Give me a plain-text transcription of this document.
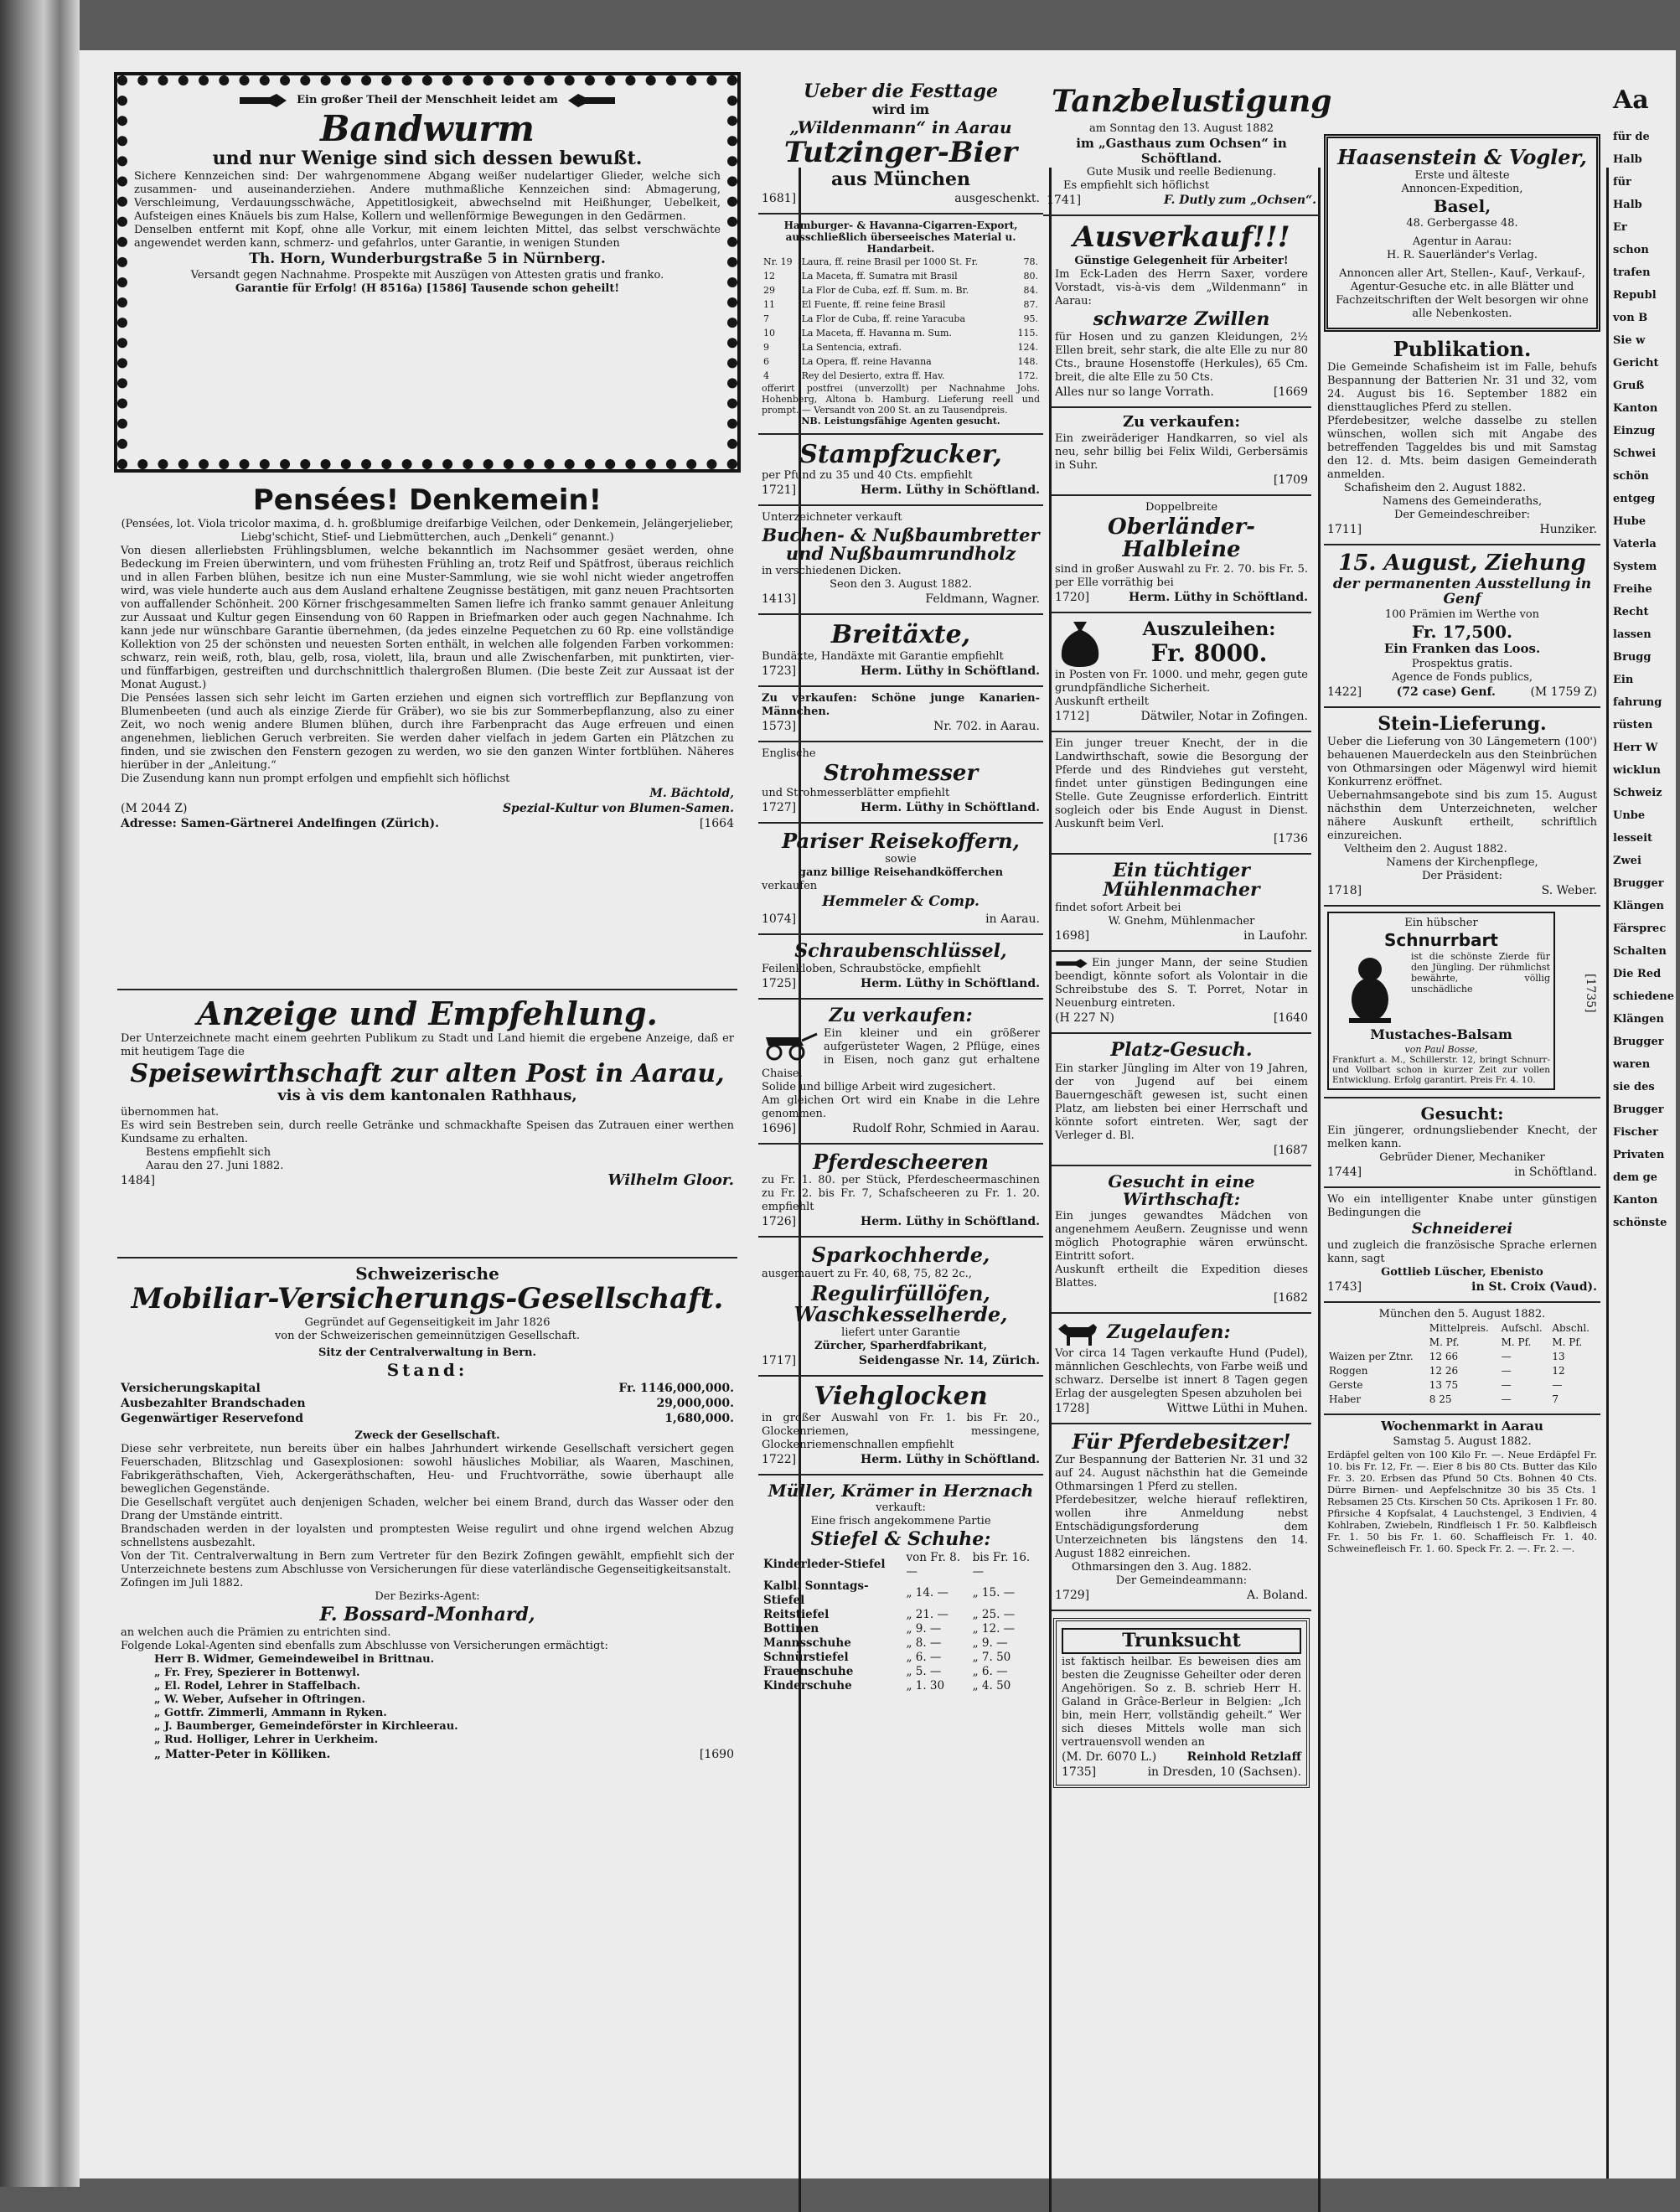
Ein großer Theil der Menschheit leidet am
Bandwurm
und nur Wenige sind sich dessen bewußt.

Sichere Kennzeichen sind: Der wahrgenommene Abgang weißer nudelartiger Glieder, welche sich zusammen- und auseinanderziehen. Andere muthmaßliche Kennzeichen sind: Abmagerung, Verschleimung, Verdauungsschwäche, Appetitlosigkeit, abwechselnd mit Heißhunger, Uebelkeit, Aufsteigen eines Knäuels bis zum Halse, Kollern und wellenförmige Bewegungen in den Gedärmen.

Denselben entfernt mit Kopf, ohne alle Vorkur, mit einem leichten Mittel, das selbst verschwächte angewendet werden kann, schmerz- und gefahrlos, unter Garantie, in wenigen Stunden

Th. Horn, Wunderburgstraße 5 in Nürnberg.

Versandt gegen Nachnahme. Prospekte mit Auszügen von Attesten gratis und franko.

Garantie für Erfolg! (H 8516a) [1586] Tausende schon geheilt!
Pensées! Denkemein!

(Pensées, lot. Viola tricolor maxima, d. h. großblumige dreifarbige Veilchen, oder Denkemein, Jelängerjelieber, Liebg'schicht, Stief- und Liebmütterchen, auch „Denkeli“ genannt.)

Von diesen allerliebsten Frühlingsblumen, welche bekanntlich im Nachsommer gesäet werden, ohne Bedeckung im Freien überwintern, und vom frühesten Frühling an, trotz Reif und Spätfrost, überaus reichlich und in allen Farben blühen, besitze ich nun eine Muster-Sammlung, wie sie wohl nicht wieder angetroffen wird, was viele hunderte auch aus dem Ausland erhaltene Zeugnisse bestätigen, mit ganz neuen Prachtsorten von auffallender Schönheit. 200 Körner frischgesammelten Samen liefre ich franko sammt genauer Anleitung zur Aussaat und Kultur gegen Einsendung von 60 Rappen in Briefmarken oder auch gegen Nachnahme. Ich kann jede nur wünschbare Garantie übernehmen, (da jedes einzelne Pequetchen zu 60 Rp. eine vollständige Kollektion von 25 der schönsten und neuesten Sorten enthält, in welchen alle folgenden Farben vorkommen: schwarz, rein weiß, roth, blau, gelb, rosa, violett, lila, braun und alle Zwischenfarben, mit punktirten, vier- und fünffarbigen, gestreiften und durchschnittlich thalergroßen Blumen. (Die beste Zeit zur Aussaat ist der Monat August.)

Die Pensées lassen sich sehr leicht im Garten erziehen und eignen sich vortrefflich zur Bepflanzung von Blumenbeeten (und auch als einzige Zierde für Gräber), wo sie bis zur Sommerbepflanzung, also zu einer Zeit, wo noch wenig andere Blumen blühen, durch ihre Farbenpracht das Auge erfreuen und einen angenehmen, lieblichen Geruch verbreiten. Sie werden daher vielfach in jedem Garten ein Plätzchen zu finden, und sie zwischen den Fenstern gezogen zu werden, wo sie den ganzen Winter fortblühen. Näheres hierüber in der „Anleitung.“

Die Zusendung kann nun prompt erfolgen und empfiehlt sich höflichst

M. Bächtold,
(M 2044 Z)	Spezial-Kultur von Blumen-Samen.
Adresse: Samen-Gärtnerei Andelfingen (Zürich).	[1664
Anzeige und Empfehlung.

Der Unterzeichnete macht einem geehrten Publikum zu Stadt und Land hiemit die ergebene Anzeige, daß er mit heutigem Tage die

Speisewirthschaft zur alten Post in Aarau,
vis à vis dem kantonalen Rathhaus,

übernommen hat.

Es wird sein Bestreben sein, durch reelle Getränke und schmackhafte Speisen das Zutrauen einer werthen Kundsame zu erhalten.

Bestens empfiehlt sich

Aarau den 27. Juni 1882.

1484]	Wilhelm Gloor.
Schweizerische
Mobiliar-Versicherungs-Gesellschaft.
Gegründet auf Gegenseitigkeit im Jahr 1826
von der Schweizerischen gemeinnützigen Gesellschaft.
Sitz der Centralverwaltung in Bern.
Stand:
Versicherungskapital	Fr. 1146,000,000.
Ausbezahlter Brandschaden	29,000,000.
Gegenwärtiger Reservefond	1,680,000.
Zweck der Gesellschaft.

Diese sehr verbreitete, nun bereits über ein halbes Jahrhundert wirkende Gesellschaft versichert gegen Feuerschaden, Blitzschlag und Gasexplosionen: sowohl häusliches Mobiliar, als Waaren, Maschinen, Fabrikgeräthschaften, Vieh, Ackergeräthschaften, Heu- und Fruchtvorräthe, sowie überhaupt alle beweglichen Gegenstände.

Die Gesellschaft vergütet auch denjenigen Schaden, welcher bei einem Brand, durch das Wasser oder den Drang der Umstände eintritt.

Brandschaden werden in der loyalsten und promptesten Weise regulirt und ohne irgend welchen Abzug schnellstens ausbezahlt.

Von der Tit. Centralverwaltung in Bern zum Vertreter für den Bezirk Zofingen gewählt, empfiehlt sich der Unterzeichnete bestens zum Abschlusse von Versicherungen für diese vaterländische Gegenseitigkeitsanstalt.

Zofingen im Juli 1882.

Der Bezirks-Agent:
F. Bossard-Monhard,

an welchen auch die Prämien zu entrichten sind.

Folgende Lokal-Agenten sind ebenfalls zum Abschlusse von Versicherungen ermächtigt:

Herr B. Widmer, Gemeindeweibel in Brittnau.
„ Fr. Frey, Spezierer in Bottenwyl.
„ El. Rodel, Lehrer in Staffelbach.
„ W. Weber, Aufseher in Oftringen.
„ Gottfr. Zimmerli, Ammann in Ryken.
„ J. Baumberger, Gemeindeförster in Kirchleerau.
„ Rud. Holliger, Lehrer in Uerkheim.
„ Matter-Peter in Kölliken.	[1690
Ueber die Festtage
wird im
„Wildenmann“ in Aarau
Tutzinger-Bier
aus München
1681]	ausgeschenkt.
Hamburger- & Havanna-Cigarren-Export, ausschließlich überseeisches Material u. Handarbeit.
Nr. 19	Laura, ff. reine Brasil per 1000 St. Fr.	78.
12	La Maceta, ff. Sumatra mit Brasil	80.
29	La Flor de Cuba, ezf. ff. Sum. m. Br.	84.
11	El Fuente, ff. reine feine Brasil	87.
7	La Flor de Cuba, ff. reine Yaracuba	95.
10	La Maceta, ff. Havanna m. Sum.	115.
9	La Sentencia, extrafi.	124.
6	La Opera, ff. reine Havanna	148.
4	Rey del Desierto, extra ff. Hav.	172.

offerirt postfrei (unverzollt) per Nachnahme Johs. Hohenberg, Altona b. Hamburg. Lieferung reell und prompt. — Versandt von 200 St. an zu Tausendpreis.

NB. Leistungsfähige Agenten gesucht.
Stampfzucker,

per Pfund zu 35 und 40 Cts. empfiehlt

1721]	Herm. Lüthy in Schöftland.
Unterzeichneter verkauft
Buchen- & Nußbaumbretter und Nußbaumrundholz
in verschiedenen Dicken.
Seon den 3. August 1882.
1413]	Feldmann, Wagner.
Breitäxte,

Bundäxte, Handäxte mit Garantie empfiehlt

1723]	Herm. Lüthy in Schöftland.

Zu verkaufen: Schöne junge Kanarien-Männchen.

1573]	Nr. 702. in Aarau.
Englische
Strohmesser

und Strohmesserblätter empfiehlt

1727]	Herm. Lüthy in Schöftland.
Pariser Reisekoffern,
sowie
ganz billige Reisehandköfferchen
verkaufen
Hemmeler & Comp.
1074]	in Aarau.
Schraubenschlüssel,

Feilenkloben, Schraubstöcke, empfiehlt

1725]	Herm. Lüthy in Schöftland.
Zu verkaufen:

Ein kleiner und ein größerer aufgerüsteter Wagen, 2 Pflüge, eines in Eisen, noch ganz gut erhaltene Chaise.

Solide und billige Arbeit wird zugesichert.

Am gleichen Ort wird ein Knabe in die Lehre genommen.

1696]	Rudolf Rohr, Schmied in Aarau.
Pferdescheeren

zu Fr. 1. 80. per Stück, Pferdescheermaschinen zu Fr. 2. bis Fr. 7, Schafscheeren zu Fr. 1. 20. empfiehlt

1726]	Herm. Lüthy in Schöftland.
Sparkochherde,
ausgemauert zu Fr. 40, 68, 75, 82 2c.,
Regulirfüllöfen, Waschkesselherde,
liefert unter Garantie
Zürcher, Sparherdfabrikant,
1717]	Seidengasse Nr. 14, Zürich.
Viehglocken

in großer Auswahl von Fr. 1. bis Fr. 20., Glockenriemen, messingene, Glockenriemenschnallen empfiehlt

1722]	Herm. Lüthy in Schöftland.
Müller, Krämer in Herznach
verkauft:
Eine frisch angekommene Partie
Stiefel & Schuhe:
Kinderleder-Stiefel	von Fr. 8. —	bis Fr. 16. —
Kalbl. Sonntags-Stiefel	„ 14. —	„ 15. —
Reitstiefel	„ 21. —	„ 25. —
Bottinen	„ 9. —	„ 12. —
Mannsschuhe	„ 8. —	„ 9. —
Schnürstiefel	„ 6. —	„ 7. 50
Frauenschuhe	„ 5. —	„ 6. —
Kinderschuhe	„ 1. 30	„ 4. 50
Tanzbelustigung
am Sonntag den 13. August 1882
im „Gasthaus zum Ochsen“ in Schöftland.
Gute Musik und reelle Bedienung.
Es empfiehlt sich höflichst
1741]	F. Dutly zum „Ochsen“.
Ausverkauf!!!
Günstige Gelegenheit für Arbeiter!

Im Eck-Laden des Herrn Saxer, vordere Vorstadt, vis-à-vis dem „Wildenmann“ in Aarau:

schwarze Zwillen

für Hosen und zu ganzen Kleidungen, 2½ Ellen breit, sehr stark, die alte Elle zu nur 80 Cts., braune Hosenstoffe (Herkules), 65 Cm. breit, die alte Elle zu 50 Cts.

Alles nur so lange Vorrath.	[1669
Zu verkaufen:

Ein zweiräderiger Handkarren, so viel als neu, sehr billig bei Felix Wildi, Gerbersämis in Suhr.

[1709
Doppelbreite
Oberländer-Halbleine

sind in großer Auswahl zu Fr. 2. 70. bis Fr. 5. per Elle vorräthig bei

1720]	Herm. Lüthy in Schöftland.
Auszuleihen:
Fr. 8000.

in Posten von Fr. 1000. und mehr, gegen gute grundpfändliche Sicherheit.

Auskunft ertheilt
1712]	Dätwiler, Notar in Zofingen.

Ein junger treuer Knecht, der in die Landwirthschaft, sowie die Besorgung der Pferde und des Rindviehes gut versteht, findet unter günstigen Bedingungen eine Stelle. Gute Zeugnisse erforderlich. Eintritt sogleich oder bis Ende August in Dienst. Auskunft beim Verl.

[1736
Ein tüchtiger Mühlenmacher
findet sofort Arbeit bei
W. Gnehm, Mühlenmacher
1698]	in Laufohr.

Ein junger Mann, der seine Studien beendigt, könnte sofort als Volontair in die Schreibstube des S. T. Porret, Notar in Neuenburg eintreten.

(H 227 N)	[1640
Platz-Gesuch.

Ein starker Jüngling im Alter von 19 Jahren, der von Jugend auf bei einem Bauerngeschäft gewesen ist, sucht einen Platz, am liebsten bei einer Herrschaft und könnte sofort eintreten. Wer, sagt der Verleger d. Bl.

[1687
Gesucht in eine Wirthschaft:

Ein junges gewandtes Mädchen von angenehmem Aeußern. Zeugnisse und wenn möglich Photographie wären erwünscht. Eintritt sofort.

Auskunft ertheilt die Expedition dieses Blattes.

[1682
Zugelaufen:

Vor circa 14 Tagen verkaufte Hund (Pudel), männlichen Geschlechts, von Farbe weiß und schwarz. Derselbe ist innert 8 Tagen gegen Erlag der ausgelegten Spesen abzuholen bei

1728]	Wittwe Lüthi in Muhen.
Für Pferdebesitzer!

Zur Bespannung der Batterien Nr. 31 und 32 auf 24. August nächsthin hat die Gemeinde Othmarsingen 1 Pferd zu stellen.

Pferdebesitzer, welche hierauf reflektiren, wollen ihre Anmeldung nebst Entschädigungsforderung dem Unterzeichneten bis längstens den 14. August 1882 einreichen.

Othmarsingen den 3. Aug. 1882.
Der Gemeindeammann:
1729]	A. Boland.
Trunksucht

ist faktisch heilbar. Es beweisen dies am besten die Zeugnisse Geheilter oder deren Angehörigen. So z. B. schrieb Herr H. Galand in Grâce-Berleur in Belgien: „Ich bin, mein Herr, vollständig geheilt.“ Wer sich dieses Mittels wolle man sich vertrauensvoll wenden an

(M. Dr. 6070 L.)	Reinhold Retzlaff
1735]	in Dresden, 10 (Sachsen).
Haasenstein & Vogler,
Erste und älteste
Annoncen-Expedition,
Basel,
48. Gerbergasse 48.
Agentur in Aarau:
H. R. Sauerländer's Verlag.

Annoncen aller Art, Stellen-, Kauf-, Verkauf-, Agentur-Gesuche etc. in alle Blätter und Fachzeitschriften der Welt besorgen wir ohne alle Nebenkosten.

Publikation.

Die Gemeinde Schafisheim ist im Falle, behufs Bespannung der Batterien Nr. 31 und 32, vom 24. August bis 16. September 1882 ein diensttaugliches Pferd zu stellen.

Pferdebesitzer, welche dasselbe zu stellen wünschen, wollen sich mit Angabe des betreffenden Taggeldes bis und mit Samstag den 12. d. Mts. beim dasigen Gemeinderath anmelden.

Schafisheim den 2. August 1882.
Namens des Gemeinderaths,
Der Gemeindeschreiber:
1711]	Hunziker.
15. August, Ziehung
der permanenten Ausstellung in Genf
100 Prämien im Werthe von
Fr. 17,500.
Ein Franken das Loos.
Prospektus gratis.
Agence de Fonds publics,
1422]	(72 case) Genf.	(M 1759 Z)
Stein-Lieferung.

Ueber die Lieferung von 30 Längemetern (100') behauenen Mauerdeckeln aus den Steinbrüchen von Othmarsingen oder Mägenwyl wird hiemit Konkurrenz eröffnet.

Uebernahmsangebote sind bis zum 15. August nächsthin dem Unterzeichneten, welcher nähere Auskunft ertheilt, schriftlich einzureichen.

Veltheim den 2. August 1882.
Namens der Kirchenpflege,
Der Präsident:
1718]	S. Weber.
Ein hübscher
Schnurrbart

ist die schönste Zierde für den Jüngling. Der rühmlichst bewährte, völlig unschädliche

Mustaches-Balsam
von Paul Bosse,

Frankfurt a. M., Schillerstr. 12, bringt Schnurr- und Vollbart schon in kurzer Zeit zur vollen Entwicklung. Erfolg garantirt. Preis Fr. 4. 10.

[1735]
Gesucht:

Ein jüngerer, ordnungsliebender Knecht, der melken kann.

Gebrüder Diener, Mechaniker
1744]	in Schöftland.

Wo ein intelligenter Knabe unter günstigen Bedingungen die

Schneiderei

und zugleich die französische Sprache erlernen kann, sagt

Gottlieb Lüscher, Ebenisto
1743]	in St. Croix (Vaud).
München den 5. August 1882.
	Mittelpreis.	Aufschl.	Abschl.
	M. Pf.	M. Pf.	M. Pf.
Waizen per Ztnr.	12 66	—	13
Roggen	12 26	—	12
Gerste	13 75	—	—
Haber	8 25	—	7
Wochenmarkt in Aarau
Samstag 5. August 1882.

Erdäpfel gelten von 100 Kilo Fr. —. Neue Erdäpfel Fr. 10. bis Fr. 12, Fr. —. Eier 8 bis 80 Cts. Butter das Kilo Fr. 3. 20. Erbsen das Pfund 50 Cts. Bohnen 40 Cts. Dürre Birnen- und Aepfelschnitze 30 bis 35 Cts. 1 Rebsamen 25 Cts. Kirschen 50 Cts. Aprikosen 1 Fr. 80. Pfirsiche 4 Kopfsalat, 4 Lauchstengel, 3 Endivien, 4 Kohlraben, Zwiebeln, Rindfleisch 1 Fr. 50. Kalbfleisch Fr. 1. 50 bis Fr. 1. 60. Schaffleisch Fr. 1. 40. Schweinefleisch Fr. 1. 60. Speck Fr. 2. —. Fr. 2. —.

Aa
für de
Halb
für
Halb
Er
schon
trafen
Republ
von B
Sie w
Gericht
Gruß
Kanton
Einzug
Schwei
schön
entgeg
Hube
Vaterla
System
Freihe
Recht
lassen
Brugg
Ein
fahrung
rüsten
Herr W
wicklun
Schweiz
Unbe
lesseit
Zwei
Brugger
Klängen
Färsprec
Schalten
Die Red
schiedene
Klängen
Brugger
waren
sie des
Brugger
Fischer
Privaten
dem ge
Kanton
schönste
